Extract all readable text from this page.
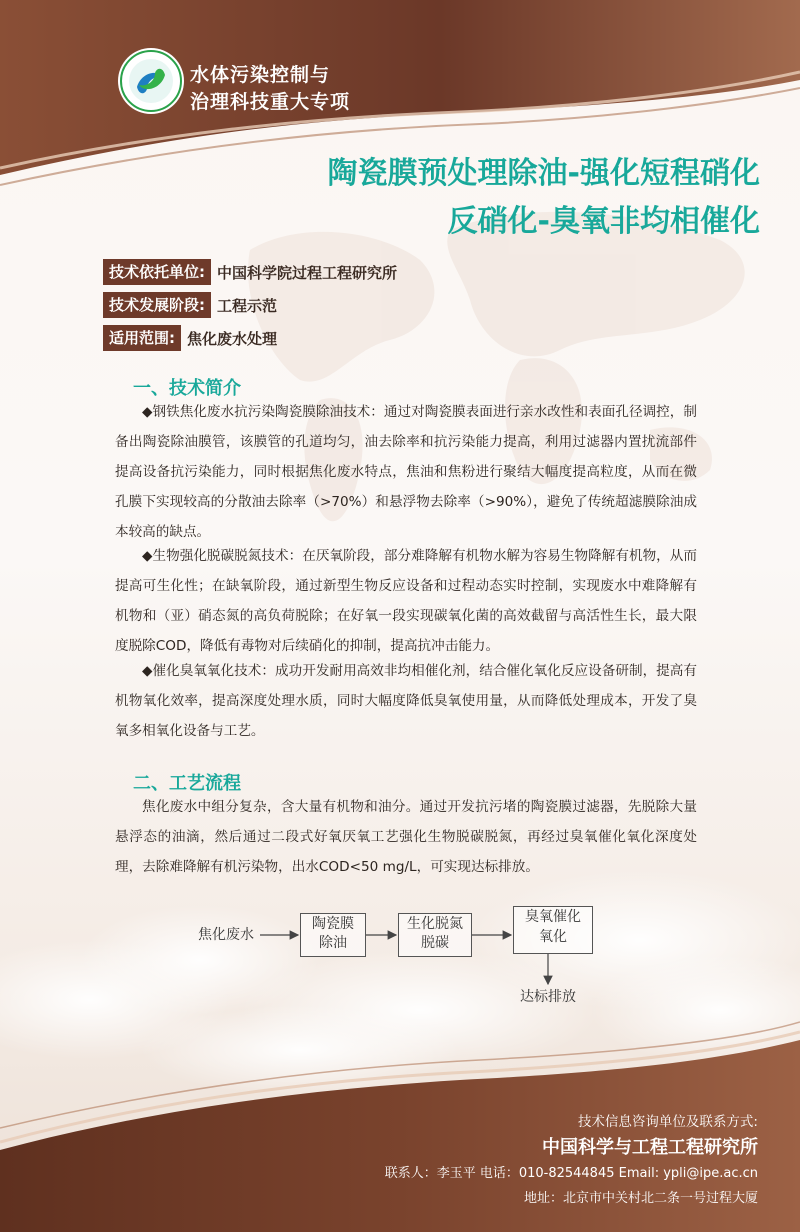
水体污染控制与
治理科技重大专项
陶瓷膜预处理除油-强化短程硝化
反硝化-臭氧非均相催化
技术依托单位: 中国科学院过程工程研究所
技术发展阶段: 工程示范
适用范围: 焦化废水处理
一、技术简介

◆钢铁焦化废水抗污染陶瓷膜除油技术：通过对陶瓷膜表面进行亲水改性和表面孔径调控，制备出陶瓷除油膜管，该膜管的孔道均匀，油去除率和抗污染能力提高，利用过滤器内置扰流部件提高设备抗污染能力，同时根据焦化废水特点，焦油和焦粉进行聚结大幅度提高粒度，从而在微孔膜下实现较高的分散油去除率（>70%）和悬浮物去除率（>90%），避免了传统超滤膜除油成本较高的缺点。

◆生物强化脱碳脱氮技术：在厌氧阶段，部分难降解有机物水解为容易生物降解有机物，从而提高可生化性；在缺氧阶段，通过新型生物反应设备和过程动态实时控制，实现废水中难降解有机物和（亚）硝态氮的高负荷脱除；在好氧一段实现碳氧化菌的高效截留与高活性生长，最大限度脱除COD，降低有毒物对后续硝化的抑制，提高抗冲击能力。

◆催化臭氧氧化技术：成功开发耐用高效非均相催化剂，结合催化氧化反应设备研制，提高有机物氧化效率，提高深度处理水质，同时大幅度降低臭氧使用量，从而降低处理成本，开发了臭氧多相氧化设备与工艺。

二、工艺流程

焦化废水中组分复杂，含大量有机物和油分。通过开发抗污堵的陶瓷膜过滤器，先脱除大量悬浮态的油滴，然后通过二段式好氧厌氧工艺强化生物脱碳脱氮，再经过臭氧催化氧化深度处理，去除难降解有机污染物，出水COD<50 mg/L，可实现达标排放。

焦化废水
陶瓷膜
除油
生化脱氮
脱碳
臭氧催化
氧化
达标排放
技术信息咨询单位及联系方式:
中国科学与工程工程研究所
联系人：李玉平 电话：010-82544845 Email: ypli@ipe.ac.cn
地址：北京市中关村北二条一号过程大厦
